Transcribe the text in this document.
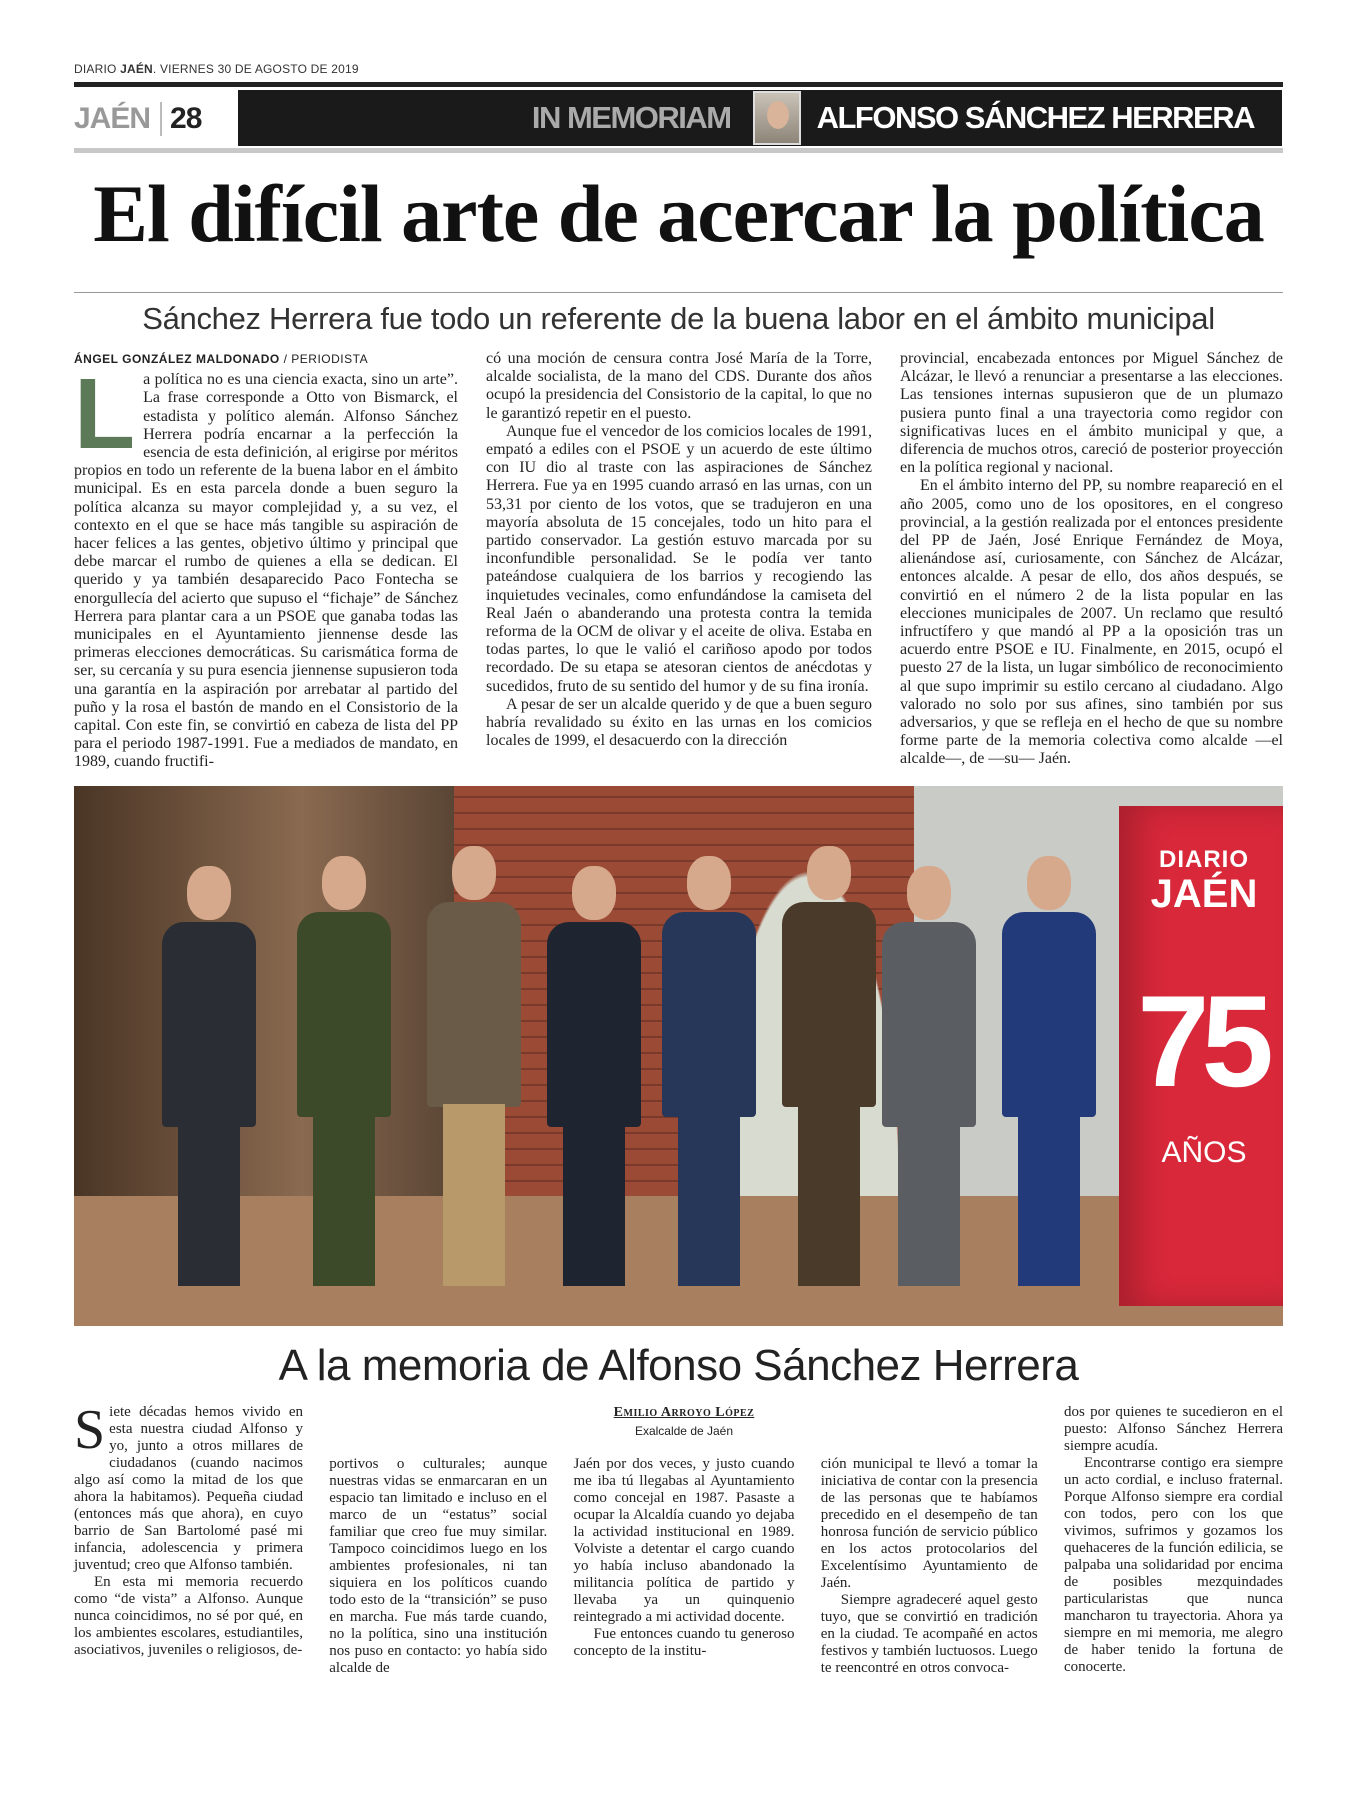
DIARIO JAÉN. VIERNES 30 DE AGOSTO DE 2019
JAÉN 28	IN MEMORIAM	ALFONSO SÁNCHEZ HERRERA
El difícil arte de acercar la política
Sánchez Herrera fue todo un referente de la buena labor en el ámbito municipal
ÁNGEL GONZÁLEZ MALDONADO / PERIODISTA
L a política no es una ciencia exacta, sino un arte”. La frase corresponde a Otto von Bismarck, el estadista y político alemán. Alfonso Sánchez Herrera podría encarnar a la perfección la esencia de esta definición, al erigirse por méritos propios en todo un referente de la buena labor en el ámbito municipal. Es en esta parcela donde a buen seguro la política alcanza su mayor complejidad y, a su vez, el contexto en el que se hace más tangible su aspiración de hacer felices a las gentes, objetivo último y principal que debe marcar el rumbo de quienes a ella se dedican. El querido y ya también desaparecido Paco Fontecha se enorgullecía del acierto que supuso el “fichaje” de Sánchez Herrera para plantar cara a un PSOE que ganaba todas las municipales en el Ayuntamiento jiennense desde las primeras elecciones democráticas. Su carismática forma de ser, su cercanía y su pura esencia jiennense supusieron toda una garantía en la aspiración por arrebatar al partido del puño y la rosa el bastón de mando en el Consistorio de la capital. Con este fin, se convirtió en cabeza de lista del PP para el periodo 1987-1991. Fue a mediados de mandato, en 1989, cuando fructifi-

có una moción de censura contra José María de la Torre, alcalde socialista, de la mano del CDS. Durante dos años ocupó la presidencia del Consistorio de la capital, lo que no le garantizó repetir en el puesto.

Aunque fue el vencedor de los comicios locales de 1991, empató a ediles con el PSOE y un acuerdo de este último con IU dio al traste con las aspiraciones de Sánchez Herrera. Fue ya en 1995 cuando arrasó en las urnas, con un 53,31 por ciento de los votos, que se tradujeron en una mayoría absoluta de 15 concejales, todo un hito para el partido conservador. La gestión estuvo marcada por su inconfundible personalidad. Se le podía ver tanto pateándose cualquiera de los barrios y recogiendo las inquietudes vecinales, como enfundándose la camiseta del Real Jaén o abanderando una protesta contra la temida reforma de la OCM de olivar y el aceite de oliva. Estaba en todas partes, lo que le valió el cariñoso apodo por todos recordado. De su etapa se atesoran cientos de anécdotas y sucedidos, fruto de su sentido del humor y de su fina ironía.

A pesar de ser un alcalde querido y de que a buen seguro habría revalidado su éxito en las urnas en los comicios locales de 1999, el desacuerdo con la dirección

provincial, encabezada entonces por Miguel Sánchez de Alcázar, le llevó a renunciar a presentarse a las elecciones. Las tensiones internas supusieron que de un plumazo pusiera punto final a una trayectoria como regidor con significativas luces en el ámbito municipal y que, a diferencia de muchos otros, careció de posterior proyección en la política regional y nacional.

En el ámbito interno del PP, su nombre reapareció en el año 2005, como uno de los opositores, en el congreso provincial, a la gestión realizada por el entonces presidente del PP de Jaén, José Enrique Fernández de Moya, alienándose así, curiosamente, con Sánchez de Alcázar, entonces alcalde. A pesar de ello, dos años después, se convirtió en el número 2 de la lista popular en las elecciones municipales de 2007. Un reclamo que resultó infructífero y que mandó al PP a la oposición tras un acuerdo entre PSOE e IU. Finalmente, en 2015, ocupó el puesto 27 de la lista, un lugar simbólico de reconocimiento al que supo imprimir su estilo cercano al ciudadano. Algo valorado no solo por sus afines, sino también por sus adversarios, y que se refleja en el hecho de que su nombre forme parte de la memoria colectiva como alcalde —el alcalde—, de —su— Jaén.

DIARIO
JAÉN
75
AÑOS
A la memoria de Alfonso Sánchez Herrera
S iete décadas hemos vivido en esta nuestra ciudad Alfonso y yo, junto a otros millares de ciudadanos (cuando nacimos algo así como la mitad de los que ahora la habitamos). Pequeña ciudad (entonces más que ahora), en cuyo barrio de San Bartolomé pasé mi infancia, adolescencia y primera juventud; creo que Alfonso también.

En esta mi memoria recuerdo como “de vista” a Alfonso. Aunque nunca coincidimos, no sé por qué, en los ambientes escolares, estudiantiles, asociativos, juveniles o religiosos, de-

portivos o culturales; aunque nuestras vidas se enmarcaran en un espacio tan limitado e incluso en el marco de un “estatus” social familiar que creo fue muy similar. Tampoco coincidimos luego en los ambientes profesionales, ni tan siquiera en los políticos cuando todo esto de la “transición” se puso en marcha. Fue más tarde cuando, no la política, sino una institución nos puso en contacto: yo había sido alcalde de

Emilio Arroyo López
Exalcalde de Jaén

Jaén por dos veces, y justo cuando me iba tú llegabas al Ayuntamiento como concejal en 1987. Pasaste a ocupar la Alcaldía cuando yo dejaba la actividad institucional en 1989. Volviste a detentar el cargo cuando yo había incluso abandonado la militancia política de partido y llevaba ya un quinquenio reintegrado a mi actividad docente.

Fue entonces cuando tu generoso concepto de la institu-

ción municipal te llevó a tomar la iniciativa de contar con la presencia de las personas que te habíamos precedido en el desempeño de tan honrosa función de servicio público en los actos protocolarios del Excelentísimo Ayuntamiento de Jaén.

Siempre agradeceré aquel gesto tuyo, que se convirtió en tradición en la ciudad. Te acompañé en actos festivos y también luctuosos. Luego te reencontré en otros convoca-

dos por quienes te sucedieron en el puesto: Alfonso Sánchez Herrera siempre acudía.

Encontrarse contigo era siempre un acto cordial, e incluso fraternal. Porque Alfonso siempre era cordial con todos, pero con los que vivimos, sufrimos y gozamos los quehaceres de la función edilicia, se palpaba una solidaridad por encima de posibles mezquindades particularistas que nunca mancharon tu trayectoria. Ahora ya siempre en mi memoria, me alegro de haber tenido la fortuna de conocerte.
